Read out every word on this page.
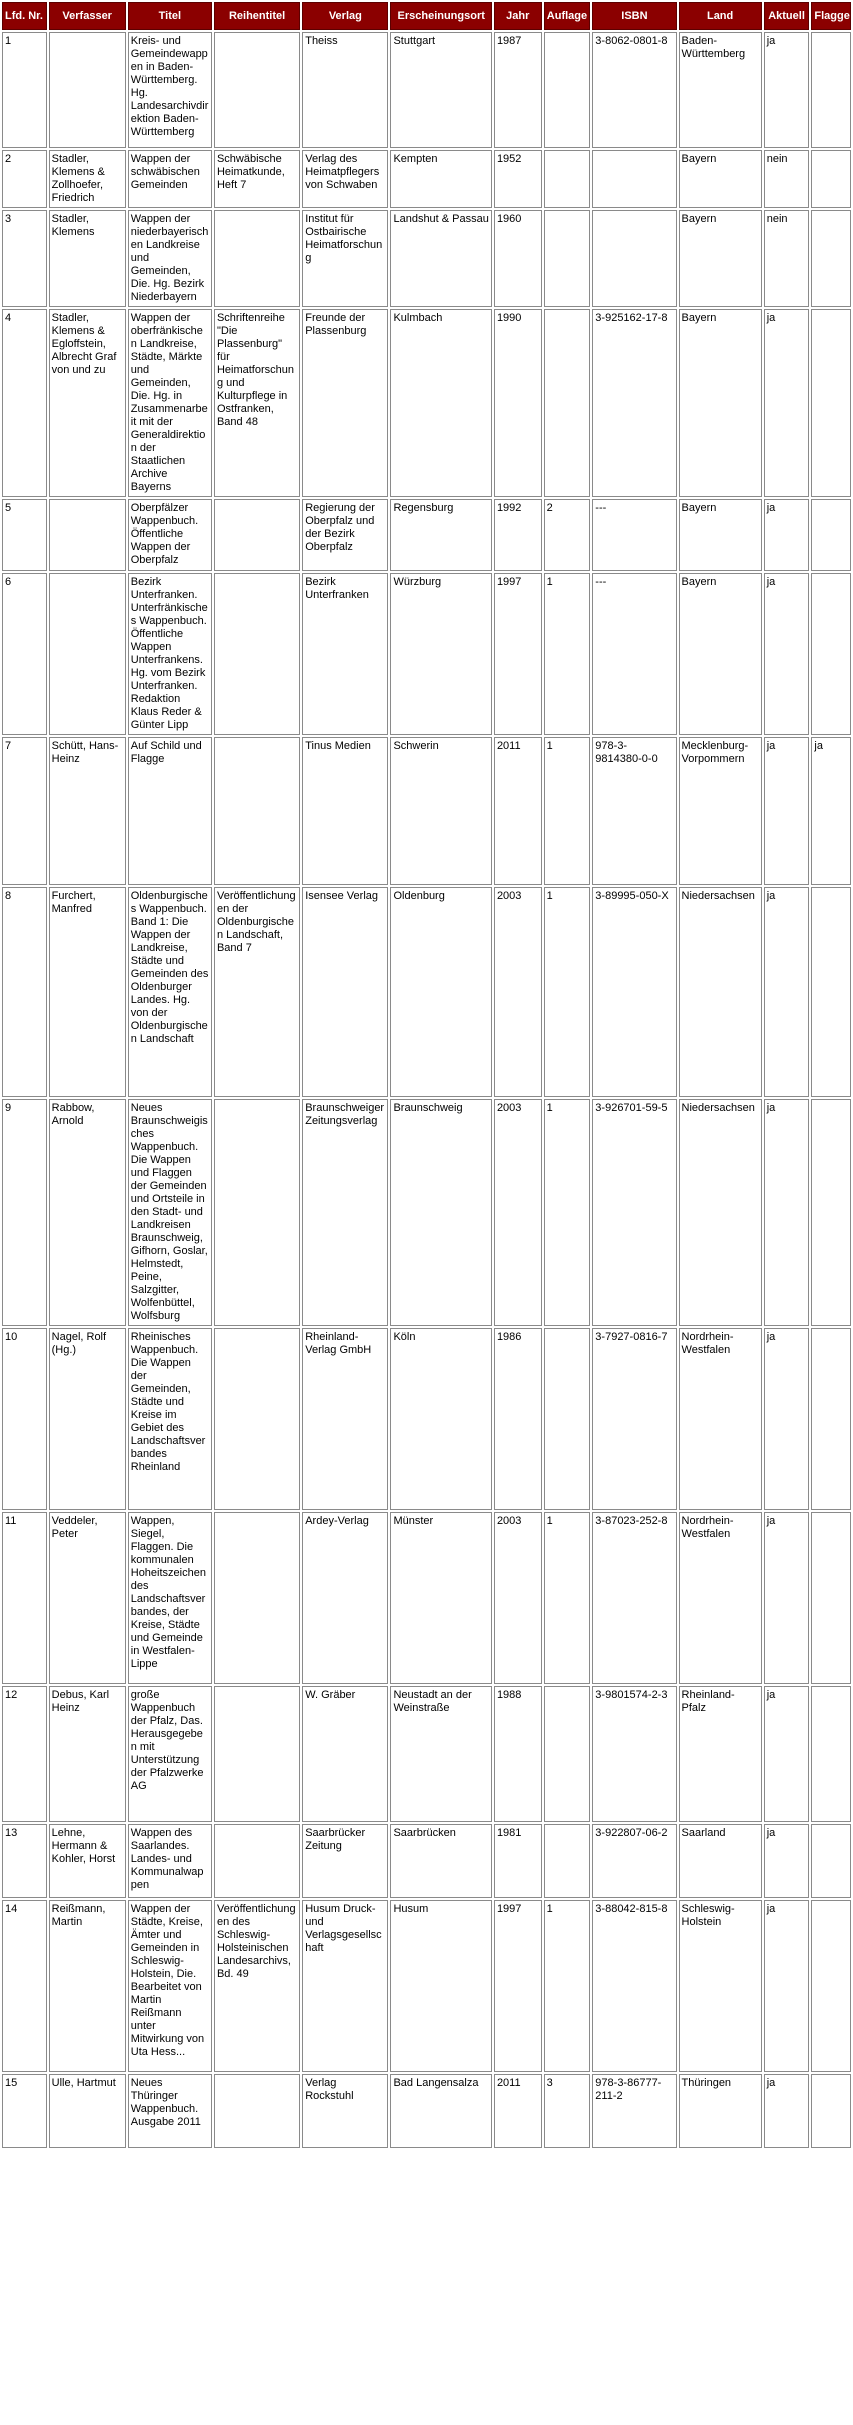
Lfd. Nr.	Verfasser	Titel	Reihentitel	Verlag	Erscheinungsort	Jahr	Auflage	ISBN	Land	Aktuell	Flagge
1		Kreis- und Gemeindewappen in Baden-Württemberg. Hg. Landesarchivdirektion Baden-Württemberg		Theiss	Stuttgart	1987		3-8062-0801-8	Baden-Württemberg	ja	
2	Stadler, Klemens & Zollhoefer, Friedrich	Wappen der schwäbischen Gemeinden	Schwäbische Heimatkunde, Heft 7	Verlag des Heimatpflegers von Schwaben	Kempten	1952			Bayern	nein	
3	Stadler, Klemens	Wappen der niederbayerischen Landkreise und Gemeinden, Die. Hg. Bezirk Niederbayern		Institut für Ostbairische Heimatforschung	Landshut & Passau	1960			Bayern	nein	
4	Stadler, Klemens & Egloffstein, Albrecht Graf von und zu	Wappen der oberfränkischen Landkreise, Städte, Märkte und Gemeinden, Die. Hg. in Zusammenarbeit mit der Generaldirektion der Staatlichen Archive Bayerns	Schriftenreihe "Die Plassenburg" für Heimatforschung und Kulturpflege in Ostfranken, Band 48	Freunde der Plassenburg	Kulmbach	1990		3-925162-17-8	Bayern	ja	
5		Oberpfälzer Wappenbuch. Öffentliche Wappen der Oberpfalz		Regierung der Oberpfalz und der Bezirk Oberpfalz	Regensburg	1992	2	---	Bayern	ja	
6		Bezirk Unterfranken. Unterfränkisches Wappenbuch. Öffentliche Wappen Unterfrankens. Hg. vom Bezirk Unterfranken. Redaktion Klaus Reder & Günter Lipp		Bezirk Unterfranken	Würzburg	1997	1	---	Bayern	ja	
7	Schütt, Hans-Heinz	Auf Schild und Flagge		Tinus Medien	Schwerin	2011	1	978-3-9814380-0-0	Mecklenburg-Vorpommern	ja	ja
8	Furchert, Manfred	Oldenburgisches Wappenbuch. Band 1: Die Wappen der Landkreise, Städte und Gemeinden des Oldenburger Landes. Hg. von der Oldenburgischen Landschaft	Veröffentlichungen der Oldenburgischen Landschaft, Band 7	Isensee Verlag	Oldenburg	2003	1	3-89995-050-X	Niedersachsen	ja	
9	Rabbow, Arnold	Neues Braunschweigisches Wappenbuch. Die Wappen und Flaggen der Gemeinden und Ortsteile in den Stadt- und Landkreisen Braunschweig, Gifhorn, Goslar, Helmstedt, Peine, Salzgitter, Wolfenbüttel, Wolfsburg		Braunschweiger Zeitungsverlag	Braunschweig	2003	1	3-926701-59-5	Niedersachsen	ja	
10	Nagel, Rolf (Hg.)	Rheinisches Wappenbuch. Die Wappen der Gemeinden, Städte und Kreise im Gebiet des Landschaftsverbandes Rheinland		Rheinland-Verlag GmbH	Köln	1986		3-7927-0816-7	Nordrhein-Westfalen	ja	
11	Veddeler, Peter	Wappen, Siegel, Flaggen. Die kommunalen Hoheitszeichen des Landschaftsverbandes, der Kreise, Städte und Gemeinde in Westfalen-Lippe		Ardey-Verlag	Münster	2003	1	3-87023-252-8	Nordrhein-Westfalen	ja	
12	Debus, Karl Heinz	große Wappenbuch der Pfalz, Das. Herausgegeben mit Unterstützung der Pfalzwerke AG		W. Gräber	Neustadt an der Weinstraße	1988		3-9801574-2-3	Rheinland-Pfalz	ja	
13	Lehne, Hermann & Kohler, Horst	Wappen des Saarlandes. Landes- und Kommunalwappen		Saarbrücker Zeitung	Saarbrücken	1981		3-922807-06-2	Saarland	ja	
14	Reißmann, Martin	Wappen der Städte, Kreise, Ämter und Gemeinden in Schleswig-Holstein, Die. Bearbeitet von Martin Reißmann unter Mitwirkung von Uta Hess...	Veröffentlichungen des Schleswig-Holsteinischen Landesarchivs, Bd. 49	Husum Druck- und Verlagsgesellschaft	Husum	1997	1	3-88042-815-8	Schleswig-Holstein	ja	
15	Ulle, Hartmut	Neues Thüringer Wappenbuch. Ausgabe 2011		Verlag Rockstuhl	Bad Langensalza	2011	3	978-3-86777-211-2	Thüringen	ja	
